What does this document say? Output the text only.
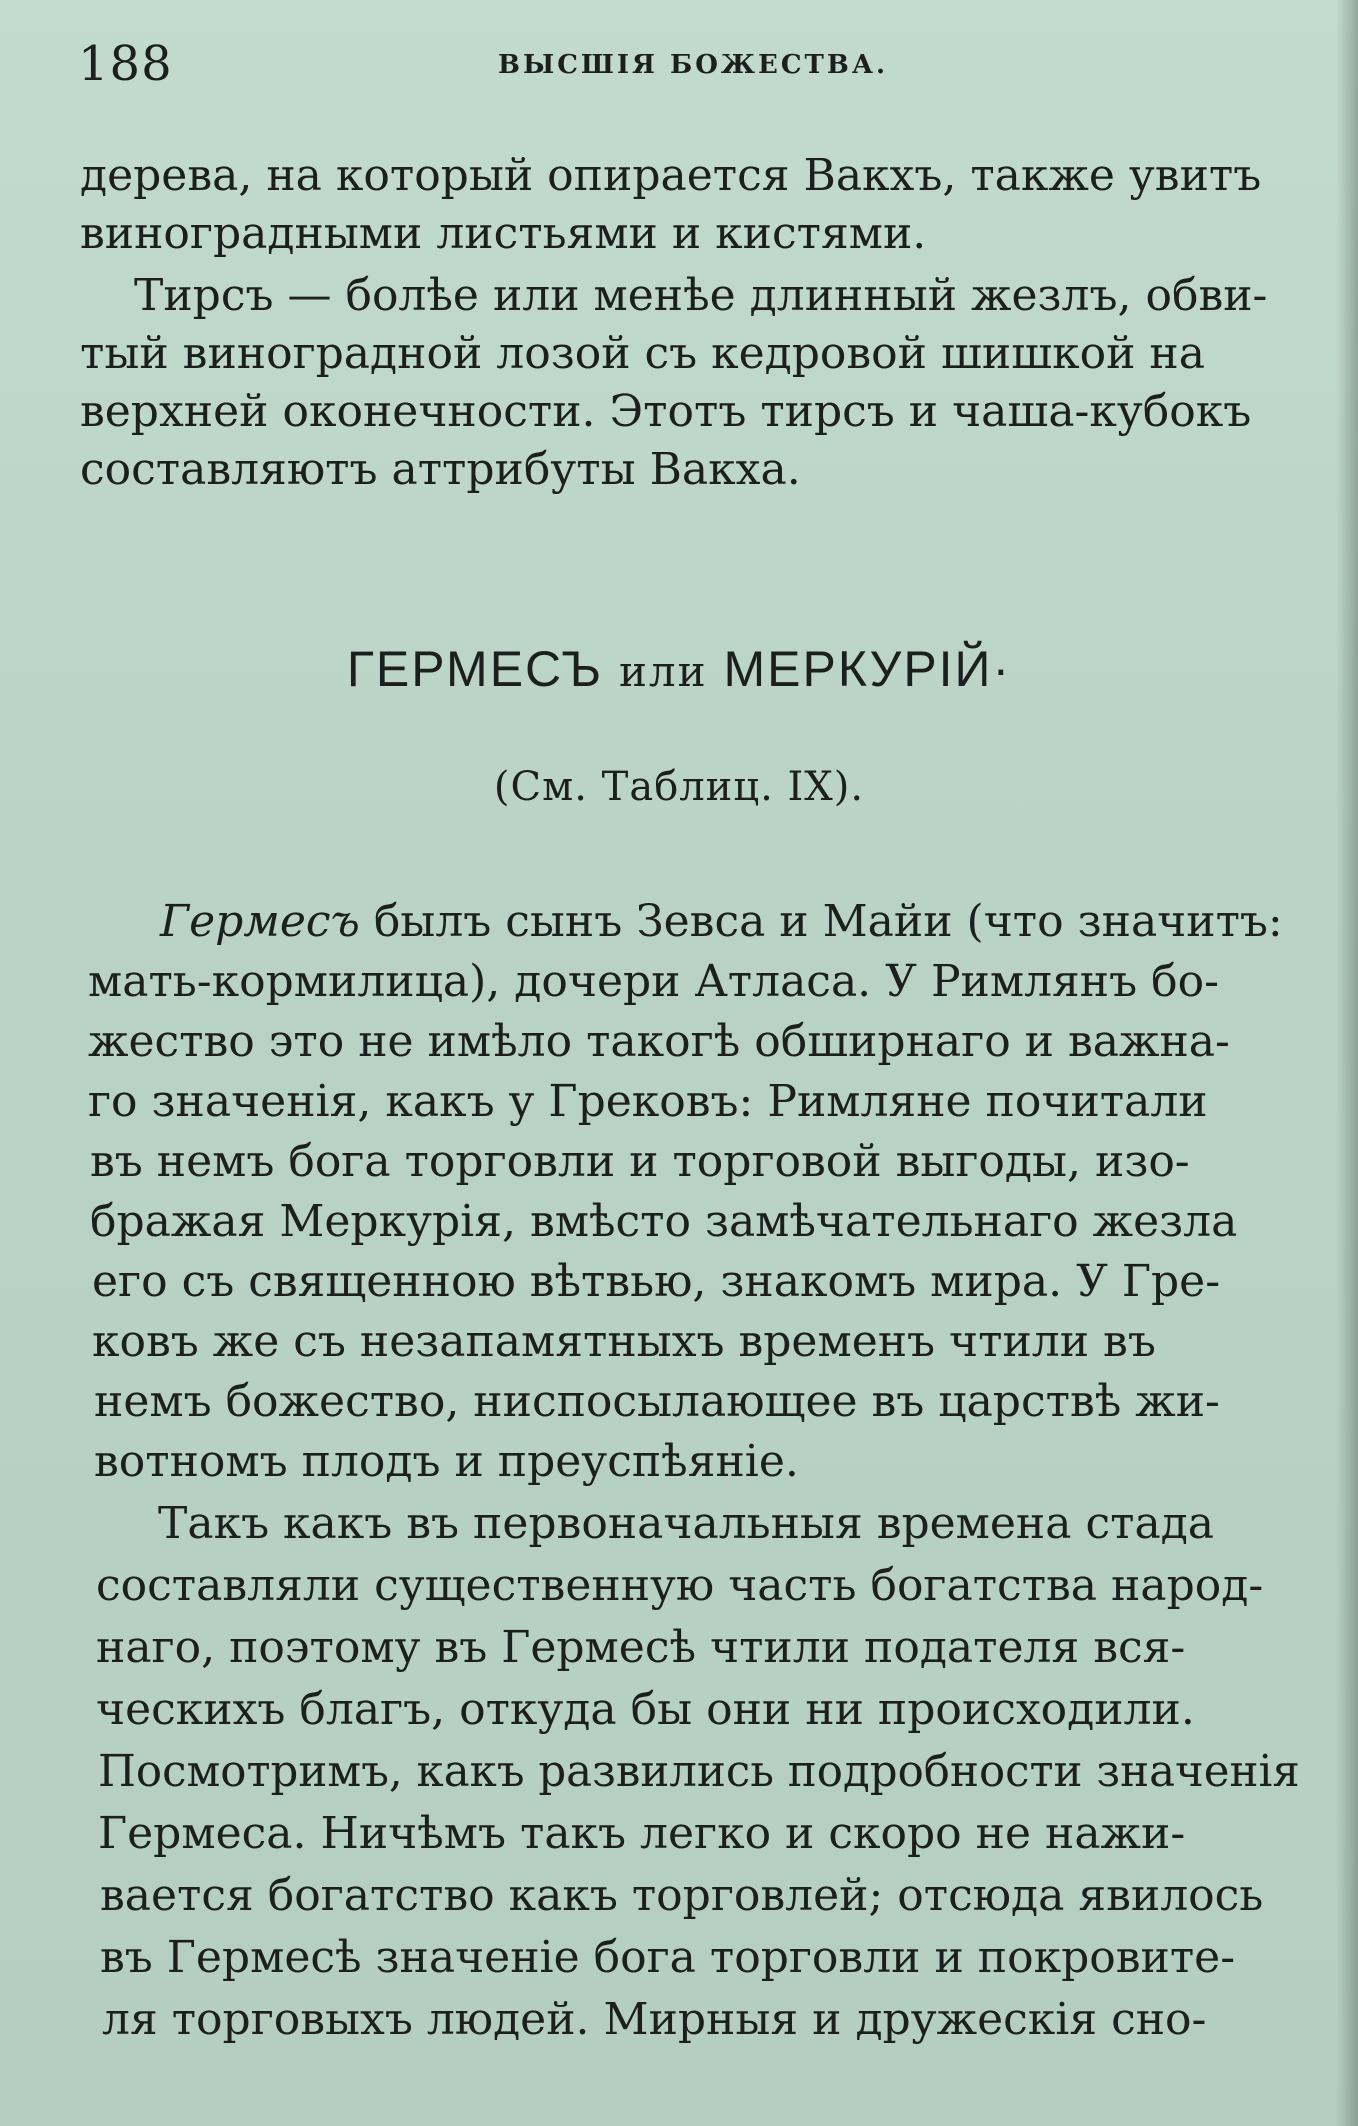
188	ВЫСШІЯ БОЖЕСТВА.
дерева, на который опирается Вакхъ, также увитъ
виноградными листьями и кистями.
Тирсъ — болѣе или менѣе длинный жезлъ, обви-
тый виноградной лозой съ кедровой шишкой на
верхней оконечности. Этотъ тирсъ и чаша-кубокъ
составляютъ аттрибуты Вакха.
ГЕРМЕСЪ или МЕРКУРІЙ·
(См. Таблиц. IX).
Гермесъ былъ сынъ Зевса и Майи (что значитъ:
мать-кормилица), дочери Атласа. У Римлянъ бо-
жество это не имѣло такогѣ обширнаго и важна-
го значенія, какъ у Грековъ: Римляне почитали
въ немъ бога торговли и торговой выгоды, изо-
бражая Меркурія, вмѣсто замѣчательнаго жезла
его съ священною вѣтвью, знакомъ мира. У Гре-
ковъ же съ незапамятныхъ временъ чтили въ
немъ божество, ниспосылающее въ царствѣ жи-
вотномъ плодъ и преуспѣяніе.
Такъ какъ въ первоначальныя времена стада
составляли существенную часть богатства народ-
наго, поэтому въ Гермесѣ чтили подателя вся-
ческихъ благъ, откуда бы они ни происходили.
Посмотримъ, какъ развились подробности значенія
Гермеса. Ничѣмъ такъ легко и скоро не нажи-
вается богатство какъ торговлей; отсюда явилось
въ Гермесѣ значеніе бога торговли и покровите-
ля торговыхъ людей. Мирныя и дружескія сно-
